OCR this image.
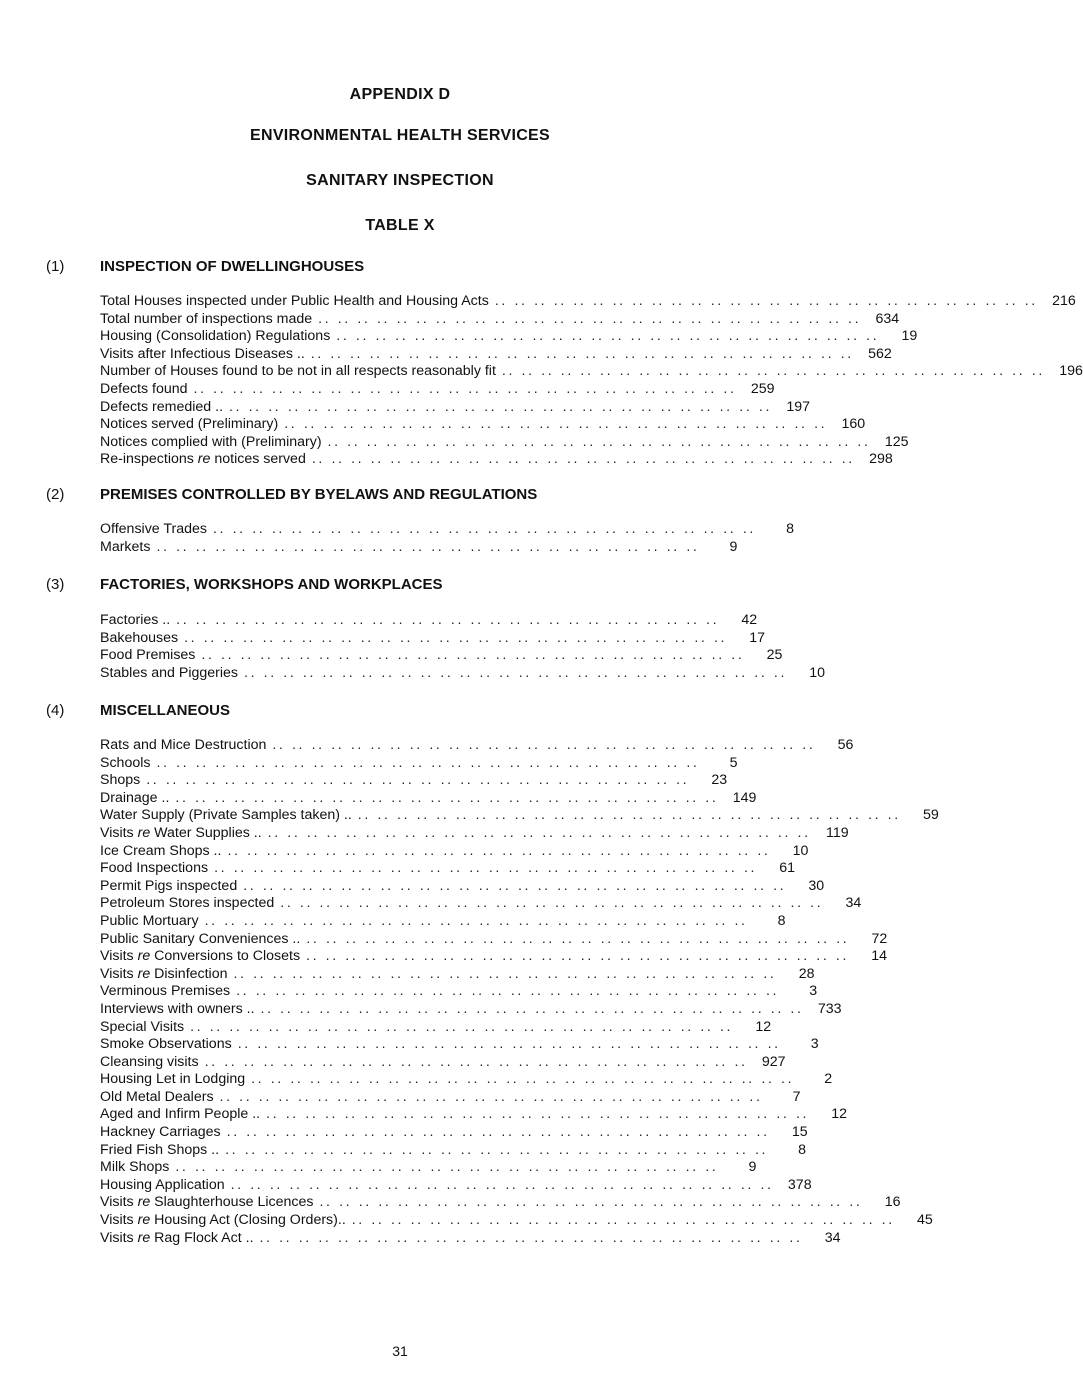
APPENDIX D
ENVIRONMENTAL HEALTH SERVICES
SANITARY INSPECTION
TABLE X
(1) INSPECTION OF DWELLINGHOUSES
Total Houses inspected under Public Health and Housing Acts .. .. .. .. .. .. .. .. .. .. .. .. .. .. .. .. .. .. .. .. .. .. .. .. .. .. .. ..	216
Total number of inspections made .. .. .. .. .. .. .. .. .. .. .. .. .. .. .. .. .. .. .. .. .. .. .. .. .. .. .. ..	634
Housing (Consolidation) Regulations .. .. .. .. .. .. .. .. .. .. .. .. .. .. .. .. .. .. .. .. .. .. .. .. .. .. .. ..	19
Visits after Infectious Diseases .. .. .. .. .. .. .. .. .. .. .. .. .. .. .. .. .. .. .. .. .. .. .. .. .. .. .. .. ..	562
Number of Houses found to be not in all respects reasonably fit .. .. .. .. .. .. .. .. .. .. .. .. .. .. .. .. .. .. .. .. .. .. .. .. .. .. .. ..	196
Defects found .. .. .. .. .. .. .. .. .. .. .. .. .. .. .. .. .. .. .. .. .. .. .. .. .. .. .. ..	259
Defects remedied .. .. .. .. .. .. .. .. .. .. .. .. .. .. .. .. .. .. .. .. .. .. .. .. .. .. .. .. ..	197
Notices served (Preliminary) .. .. .. .. .. .. .. .. .. .. .. .. .. .. .. .. .. .. .. .. .. .. .. .. .. .. .. ..	160
Notices complied with (Preliminary) .. .. .. .. .. .. .. .. .. .. .. .. .. .. .. .. .. .. .. .. .. .. .. .. .. .. .. ..	125
Re-inspections re notices served .. .. .. .. .. .. .. .. .. .. .. .. .. .. .. .. .. .. .. .. .. .. .. .. .. .. .. ..	298
(2) PREMISES CONTROLLED BY BYELAWS AND REGULATIONS
Offensive Trades .. .. .. .. .. .. .. .. .. .. .. .. .. .. .. .. .. .. .. .. .. .. .. .. .. .. .. ..	8
Markets .. .. .. .. .. .. .. .. .. .. .. .. .. .. .. .. .. .. .. .. .. .. .. .. .. .. .. ..	9
(3) FACTORIES, WORKSHOPS AND WORKPLACES
Factories .. .. .. .. .. .. .. .. .. .. .. .. .. .. .. .. .. .. .. .. .. .. .. .. .. .. .. .. ..	42
Bakehouses .. .. .. .. .. .. .. .. .. .. .. .. .. .. .. .. .. .. .. .. .. .. .. .. .. .. .. ..	17
Food Premises .. .. .. .. .. .. .. .. .. .. .. .. .. .. .. .. .. .. .. .. .. .. .. .. .. .. .. ..	25
Stables and Piggeries .. .. .. .. .. .. .. .. .. .. .. .. .. .. .. .. .. .. .. .. .. .. .. .. .. .. .. ..	10
(4) MISCELLANEOUS
Rats and Mice Destruction .. .. .. .. .. .. .. .. .. .. .. .. .. .. .. .. .. .. .. .. .. .. .. .. .. .. .. ..	56
Schools .. .. .. .. .. .. .. .. .. .. .. .. .. .. .. .. .. .. .. .. .. .. .. .. .. .. .. ..	5
Shops .. .. .. .. .. .. .. .. .. .. .. .. .. .. .. .. .. .. .. .. .. .. .. .. .. .. .. ..	23
Drainage .. .. .. .. .. .. .. .. .. .. .. .. .. .. .. .. .. .. .. .. .. .. .. .. .. .. .. .. ..	149
Water Supply (Private Samples taken) .. .. .. .. .. .. .. .. .. .. .. .. .. .. .. .. .. .. .. .. .. .. .. .. .. .. .. .. ..	59
Visits re Water Supplies .. .. .. .. .. .. .. .. .. .. .. .. .. .. .. .. .. .. .. .. .. .. .. .. .. .. .. .. ..	119
Ice Cream Shops .. .. .. .. .. .. .. .. .. .. .. .. .. .. .. .. .. .. .. .. .. .. .. .. .. .. .. .. ..	10
Food Inspections .. .. .. .. .. .. .. .. .. .. .. .. .. .. .. .. .. .. .. .. .. .. .. .. .. .. .. ..	61
Permit Pigs inspected .. .. .. .. .. .. .. .. .. .. .. .. .. .. .. .. .. .. .. .. .. .. .. .. .. .. .. ..	30
Petroleum Stores inspected .. .. .. .. .. .. .. .. .. .. .. .. .. .. .. .. .. .. .. .. .. .. .. .. .. .. .. ..	34
Public Mortuary .. .. .. .. .. .. .. .. .. .. .. .. .. .. .. .. .. .. .. .. .. .. .. .. .. .. .. ..	8
Public Sanitary Conveniences .. .. .. .. .. .. .. .. .. .. .. .. .. .. .. .. .. .. .. .. .. .. .. .. .. .. .. .. ..	72
Visits re Conversions to Closets .. .. .. .. .. .. .. .. .. .. .. .. .. .. .. .. .. .. .. .. .. .. .. .. .. .. .. ..	14
Visits re Disinfection .. .. .. .. .. .. .. .. .. .. .. .. .. .. .. .. .. .. .. .. .. .. .. .. .. .. .. ..	28
Verminous Premises .. .. .. .. .. .. .. .. .. .. .. .. .. .. .. .. .. .. .. .. .. .. .. .. .. .. .. ..	3
Interviews with owners .. .. .. .. .. .. .. .. .. .. .. .. .. .. .. .. .. .. .. .. .. .. .. .. .. .. .. .. ..	733
Special Visits .. .. .. .. .. .. .. .. .. .. .. .. .. .. .. .. .. .. .. .. .. .. .. .. .. .. .. ..	12
Smoke Observations .. .. .. .. .. .. .. .. .. .. .. .. .. .. .. .. .. .. .. .. .. .. .. .. .. .. .. ..	3
Cleansing visits .. .. .. .. .. .. .. .. .. .. .. .. .. .. .. .. .. .. .. .. .. .. .. .. .. .. .. ..	927
Housing Let in Lodging .. .. .. .. .. .. .. .. .. .. .. .. .. .. .. .. .. .. .. .. .. .. .. .. .. .. .. ..	2
Old Metal Dealers .. .. .. .. .. .. .. .. .. .. .. .. .. .. .. .. .. .. .. .. .. .. .. .. .. .. .. ..	7
Aged and Infirm People .. .. .. .. .. .. .. .. .. .. .. .. .. .. .. .. .. .. .. .. .. .. .. .. .. .. .. .. ..	12
Hackney Carriages .. .. .. .. .. .. .. .. .. .. .. .. .. .. .. .. .. .. .. .. .. .. .. .. .. .. .. ..	15
Fried Fish Shops .. .. .. .. .. .. .. .. .. .. .. .. .. .. .. .. .. .. .. .. .. .. .. .. .. .. .. .. ..	8
Milk Shops .. .. .. .. .. .. .. .. .. .. .. .. .. .. .. .. .. .. .. .. .. .. .. .. .. .. .. ..	9
Housing Application .. .. .. .. .. .. .. .. .. .. .. .. .. .. .. .. .. .. .. .. .. .. .. .. .. .. .. ..	378
Visits re Slaughterhouse Licences .. .. .. .. .. .. .. .. .. .. .. .. .. .. .. .. .. .. .. .. .. .. .. .. .. .. .. ..	16
Visits re Housing Act (Closing Orders).. .. .. .. .. .. .. .. .. .. .. .. .. .. .. .. .. .. .. .. .. .. .. .. .. .. .. .. ..	45
Visits re Rag Flock Act .. .. .. .. .. .. .. .. .. .. .. .. .. .. .. .. .. .. .. .. .. .. .. .. .. .. .. .. ..	34
31
